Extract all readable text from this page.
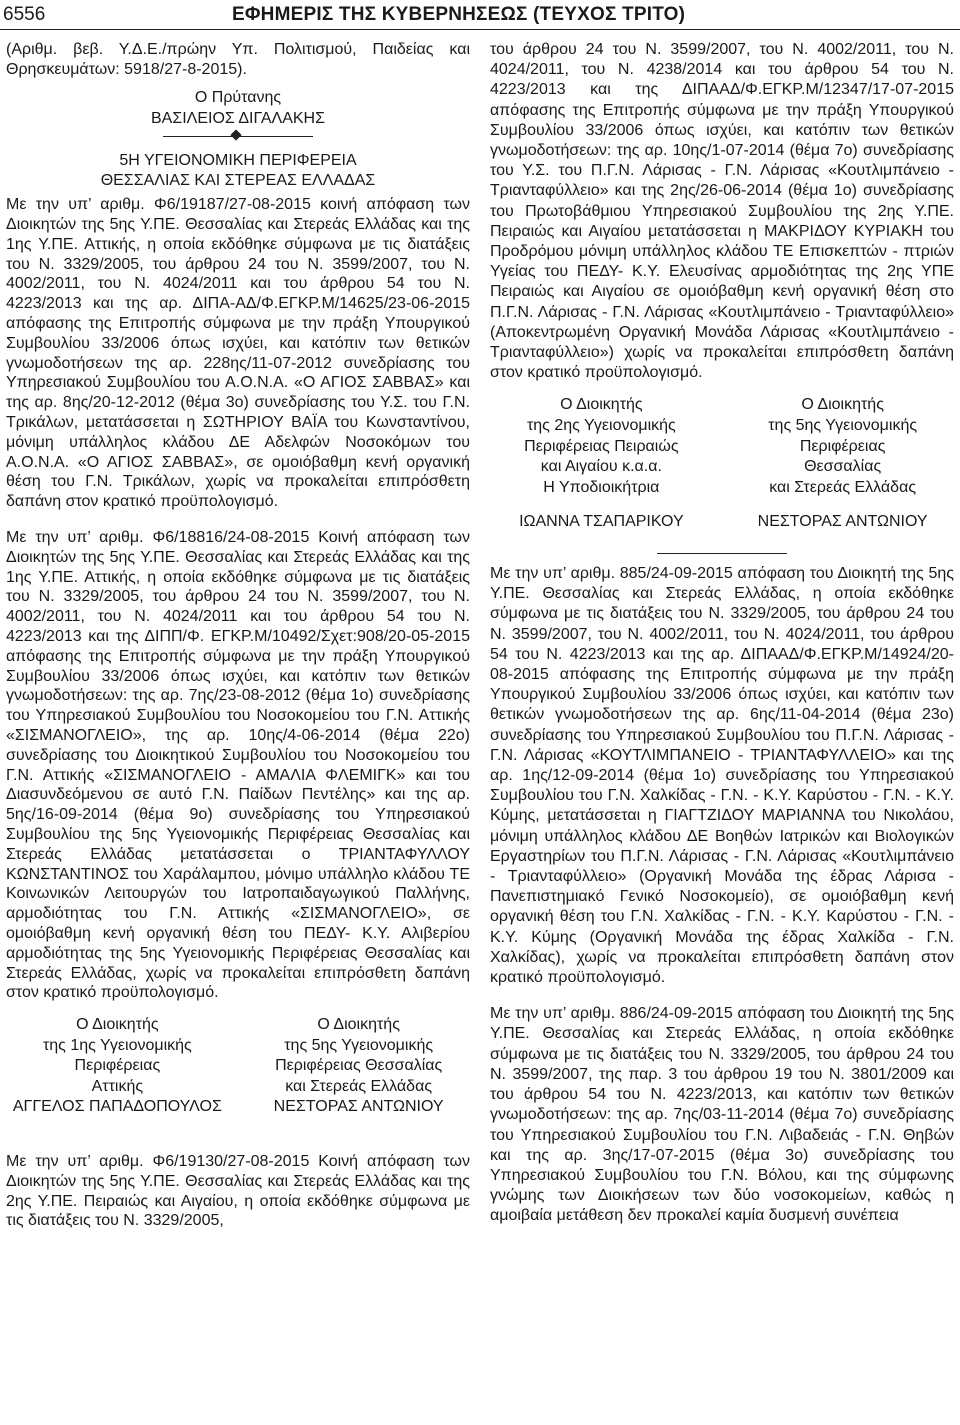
6556	ΕΦΗΜΕΡΙΣ ΤΗΣ ΚΥΒΕΡΝΗΣΕΩΣ (ΤΕΥΧΟΣ ΤΡΙΤΟ)

(Αριθμ. βεβ. Υ.Δ.Ε./πρώην Υπ. Πολιτισμού, Παιδείας και Θρησκευμάτων: 5918/27-8-2015).

Ο Πρύτανης

ΒΑΣΙΛΕΙΟΣ ΔΙΓΑΛΑΚΗΣ

5Η ΥΓΕΙΟΝΟΜΙΚΗ ΠΕΡΙΦΕΡΕΙΑ

ΘΕΣΣΑΛΙΑΣ ΚΑΙ ΣΤΕΡΕΑΣ ΕΛΛΑΔΑΣ

Με την υπ’ αριθμ. Φ6/19187/27-08-2015 κοινή απόφαση των Διοικητών της 5ης Υ.ΠΕ. Θεσσαλίας και Στερεάς Ελλάδας και της 1ης Υ.ΠΕ. Αττικής, η οποία εκδόθηκε σύμφωνα με τις διατάξεις του Ν. 3329/2005, του άρθρου 24 του Ν. 3599/2007, του Ν. 4002/2011, του Ν. 4024/2011 και του άρθρου 54 του Ν. 4223/2013 και της αρ. ΔΙΠΑ-ΑΔ/Φ.ΕΓΚΡ.Μ/14625/23-06-2015 απόφασης της Επιτροπής σύμφωνα με την πράξη Υπουργικού Συμβουλίου 33/2006 όπως ισχύει, και κατόπιν των θετικών γνωμοδοτήσεων της αρ. 228ης/11-07-2012 συνεδρίασης του Υπηρεσιακού Συμβουλίου του Α.Ο.Ν.Α. «Ο ΑΓΙΟΣ ΣΑΒΒΑΣ» και της αρ. 8ης/20-12-2012 (θέμα 3ο) συνεδρίασης του Υ.Σ. του Γ.Ν. Τρικάλων, μετατάσσεται η ΣΩΤΗΡΙΟΥ ΒΑΪΑ του Κωνσταντίνου, μόνιμη υπάλληλος κλάδου ΔΕ Αδελφών Νοσοκόμων του Α.Ο.Ν.Α. «Ο ΑΓΙΟΣ ΣΑΒΒΑΣ», σε ομοιόβαθμη κενή οργανική θέση του Γ.Ν. Τρικάλων, χωρίς να προκαλείται επιπρόσθετη δαπάνη στον κρατικό προϋπολογισμό.

Με την υπ’ αριθμ. Φ6/18816/24-08-2015 Κοινή απόφαση των Διοικητών της 5ης Υ.ΠΕ. Θεσσαλίας και Στερεάς Ελλάδας και της 1ης Υ.ΠΕ. Αττικής, η οποία εκδόθηκε σύμφωνα με τις διατάξεις του Ν. 3329/2005, του άρθρου 24 του Ν. 3599/2007, του Ν. 4002/2011, του Ν. 4024/2011 και του άρθρου 54 του Ν. 4223/2013 και της ΔΙΠΠ/Φ. ΕΓΚΡ.Μ/10492/Σχετ:908/20-05-2015 απόφασης της Επιτροπής σύμφωνα με την πράξη Υπουργικού Συμβουλίου 33/2006 όπως ισχύει, και κατόπιν των θετικών γνωμοδοτήσεων: της αρ. 7ης/23-08-2012 (θέμα 1ο) συνεδρίασης του Υπηρεσιακού Συμβουλίου του Νοσοκομείου του Γ.Ν. Αττικής «ΣΙΣΜΑΝΟΓΛΕΙΟ», της αρ. 10ης/4-06-2014 (θέμα 22ο) συνεδρίασης του Διοικητικού Συμβουλίου του Νοσοκομείου του Γ.Ν. Αττικής «ΣΙΣΜΑΝΟΓΛΕΙΟ - ΑΜΑΛΙΑ ΦΛΕΜΙΓΚ» και του Διασυνδεόμενου σε αυτό Γ.Ν. Παίδων Πεντέλης» και της αρ. 5ης/16-09-2014 (θέμα 9ο) συνεδρίασης του Υπηρεσιακού Συμβουλίου της 5ης Υγειονομικής Περιφέρειας Θεσσαλίας και Στερεάς Ελλάδας μετατάσσεται ο ΤΡΙΑΝΤΑΦΥΛΛΟΥ ΚΩΝΣΤΑΝΤΙΝΟΣ του Χαράλαμπου, μόνιμο υπάλληλο κλάδου ΤΕ Κοινωνικών Λειτουργών του Ιατροπαιδαγωγικού Παλλήνης, αρμοδιότητας του Γ.Ν. Αττικής «ΣΙΣΜΑΝΟΓΛΕΙΟ», σε ομοιόβαθμη κενή οργανική θέση του ΠΕΔΥ- Κ.Υ. Αλιβερίου αρμοδιότητας της 5ης Υγειονομικής Περιφέρειας Θεσσαλίας και Στερεάς Ελλάδας, χωρίς να προκαλείται επιπρόσθετη δαπάνη στον κρατικό προϋπολογισμό.

Ο Διοικητής
της 1ης Υγειονομικής
Περιφέρειας
Αττικής
ΑΓΓΕΛΟΣ ΠΑΠΑΔΟΠΟΥΛΟΣ
Ο Διοικητής
της 5ης Υγειονομικής
Περιφέρειας Θεσσαλίας
και Στερεάς Ελλάδας
ΝΕΣΤΟΡΑΣ ΑΝΤΩΝΙΟΥ

Με την υπ’ αριθμ. Φ6/19130/27-08-2015 Κοινή απόφαση των Διοικητών της 5ης Υ.ΠΕ. Θεσσαλίας και Στερεάς Ελλάδας και της 2ης Υ.ΠΕ. Πειραιώς και Αιγαίου, η οποία εκδόθηκε σύμφωνα με τις διατάξεις του Ν. 3329/2005,

του άρθρου 24 του Ν. 3599/2007, του Ν. 4002/2011, του Ν. 4024/2011, του Ν. 4238/2014 και του άρθρου 54 του Ν. 4223/2013 και της ΔΙΠΑΑΔ/Φ.ΕΓΚΡ.Μ/12347/17-07-2015 απόφασης της Επιτροπής σύμφωνα με την πράξη Υπουργικού Συμβουλίου 33/2006 όπως ισχύει, και κατόπιν των θετικών γνωμοδοτήσεων: της αρ. 10ης/1-07-2014 (θέμα 7ο) συνεδρίασης του Υ.Σ. του Π.Γ.Ν. Λάρισας - Γ.Ν. Λάρισας «Κουτλιμπάνειο - Τριανταφύλλειο» και της 2ης/26-06-2014 (θέμα 1ο) συνεδρίασης του Πρωτοβάθμιου Υπηρεσιακού Συμβουλίου της 2ης Υ.ΠΕ. Πειραιώς και Αιγαίου μετατάσσεται η ΜΑΚΡΙΔΟΥ ΚΥΡΙΑΚΗ του Προδρόμου μόνιμη υπάλληλος κλάδου ΤΕ Επισκεπτών - πτριών Υγείας του ΠΕΔΥ- Κ.Υ. Ελευσίνας αρμοδιότητας της 2ης ΥΠΕ Πειραιώς και Αιγαίου σε ομοιόβαθμη κενή οργανική θέση στο Π.Γ.Ν. Λάρισας - Γ.Ν. Λάρισας «Κουτλιμπάνειο - Τριανταφύλλειο» (Αποκεντρωμένη Οργανική Μονάδα Λάρισας «Κουτλιμπάνειο - Τριανταφύλλειο») χωρίς να προκαλείται επιπρόσθετη δαπάνη στον κρατικό προϋπολογισμό.

Ο Διοικητής
της 2ης Υγειονομικής
Περιφέρειας Πειραιώς
και Αιγαίου κ.α.α.
Η Υποδιοικήτρια
ΙΩΑΝΝΑ ΤΣΑΠΑΡΙΚΟΥ
Ο Διοικητής
της 5ης Υγειονομικής
Περιφέρειας
Θεσσαλίας
και Στερεάς Ελλάδας
ΝΕΣΤΟΡΑΣ ΑΝΤΩΝΙΟΥ

Με την υπ’ αριθμ. 885/24-09-2015 απόφαση του Διοικητή της 5ης Υ.ΠΕ. Θεσσαλίας και Στερεάς Ελλάδας, η οποία εκδόθηκε σύμφωνα με τις διατάξεις του Ν. 3329/2005, του άρθρου 24 του Ν. 3599/2007, του Ν. 4002/2011, του Ν. 4024/2011, του άρθρου 54 του Ν. 4223/2013 και της αρ. ΔΙΠΑΑΔ/Φ.ΕΓΚΡ.Μ/14924/20-08-2015 απόφασης της Επιτροπής σύμφωνα με την πράξη Υπουργικού Συμβουλίου 33/2006 όπως ισχύει, και κατόπιν των θετικών γνωμοδοτήσεων της αρ. 6ης/11-04-2014 (θέμα 23ο) συνεδρίασης του Υπηρεσιακού Συμβουλίου του Π.Γ.Ν. Λάρισας - Γ.Ν. Λάρισας «ΚΟΥΤΛΙΜΠΑΝΕΙΟ - ΤΡΙΑΝΤΑΦΥΛΛΕΙΟ» και της αρ. 1ης/12-09-2014 (θέμα 1ο) συνεδρίασης του Υπηρεσιακού Συμβουλίου του Γ.Ν. Χαλκίδας - Γ.Ν. - Κ.Υ. Καρύστου - Γ.Ν. - Κ.Υ. Κύμης, μετατάσσεται η ΓΙΑΓΤΖΙΔΟΥ ΜΑΡΙΑΝΝΑ του Νικολάου, μόνιμη υπάλληλος κλάδου ΔΕ Βοηθών Ιατρικών και Βιολογικών Εργαστηρίων του Π.Γ.Ν. Λάρισας - Γ.Ν. Λάρισας «Κουτλιμπάνειο - Τριανταφύλλειο» (Οργανική Μονάδα της έδρας Λάρισα - Πανεπιστημιακό Γενικό Νοσοκομείο), σε ομοιόβαθμη κενή οργανική θέση του Γ.Ν. Χαλκίδας - Γ.Ν. - Κ.Υ. Καρύστου - Γ.Ν. - Κ.Υ. Κύμης (Οργανική Μονάδα της έδρας Χαλκίδα - Γ.Ν. Χαλκίδας), χωρίς να προκαλείται επιπρόσθετη δαπάνη στον κρατικό προϋπολογισμό.

Με την υπ’ αριθμ. 886/24-09-2015 απόφαση του Διοικητή της 5ης Υ.ΠΕ. Θεσσαλίας και Στερεάς Ελλάδας, η οποία εκδόθηκε σύμφωνα με τις διατάξεις του Ν. 3329/2005, του άρθρου 24 του Ν. 3599/2007, της παρ. 3 του άρθρου 19 του Ν. 3801/2009 και του άρθρου 54 του Ν. 4223/2013, και κατόπιν των θετικών γνωμοδοτήσεων: της αρ. 7ης/03-11-2014 (θέμα 7ο) συνεδρίασης του Υπηρεσιακού Συμβουλίου του Γ.Ν. Λιβαδειάς - Γ.Ν. Θηβών και της αρ. 3ης/17-07-2015 (θέμα 3ο) συνεδρίασης του Υπηρεσιακού Συμβουλίου του Γ.Ν. Βόλου, και της σύμφωνης γνώμης των Διοικήσεων των δύο νοσοκομείων, καθώς η αμοιβαία μετάθεση δεν προκαλεί καμία δυσμενή συνέπεια
